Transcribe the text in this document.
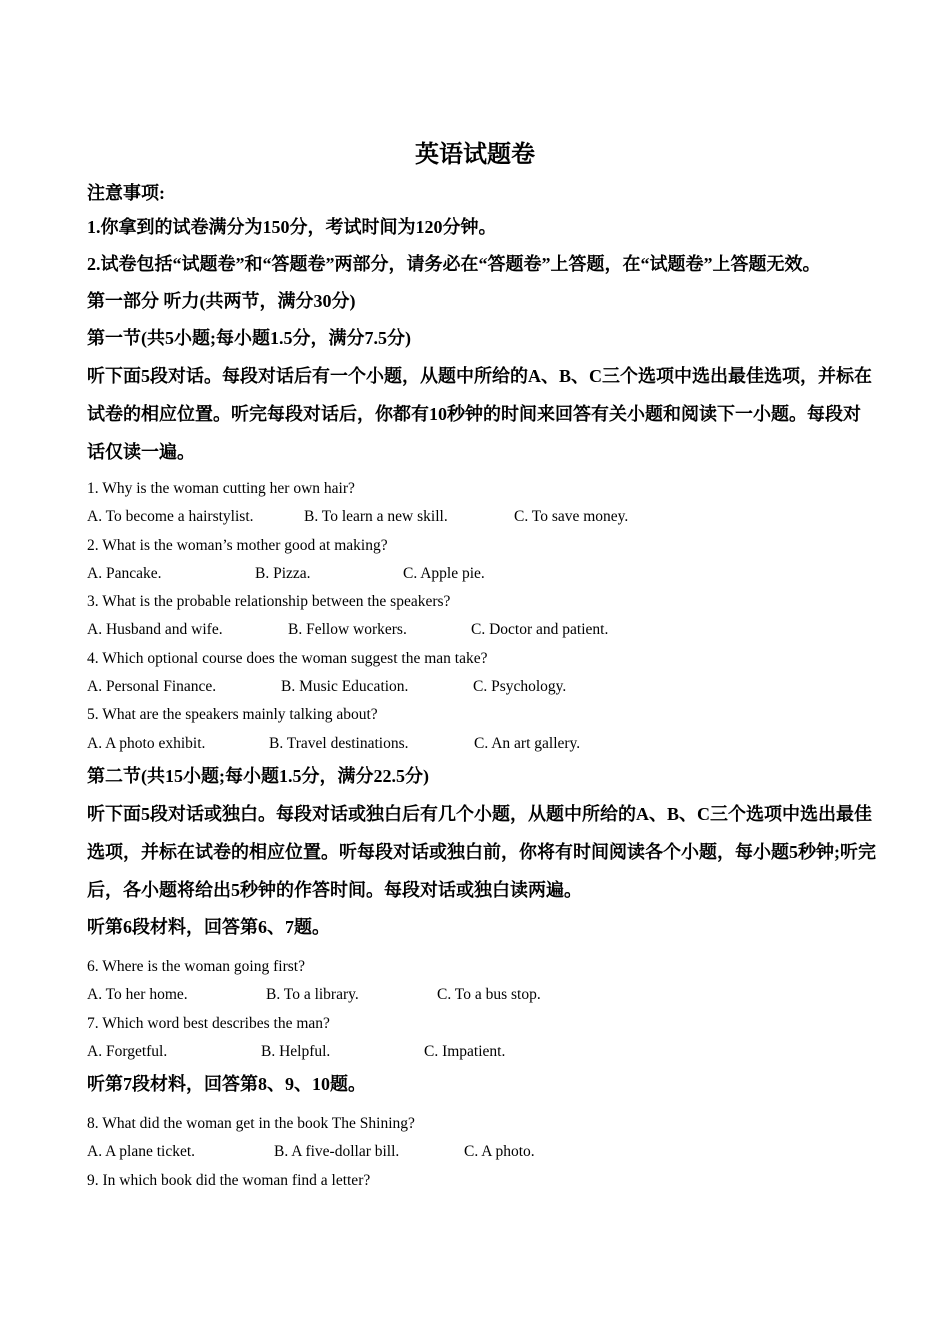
英语试题卷

注意事项:

1.你拿到的试卷满分为150分，考试时间为120分钟。

2.试卷包括“试题卷”和“答题卷”两部分，请务必在“答题卷”上答题，在“试题卷”上答题无效。

第一部分 听力(共两节，满分30分)

第一节(共5小题;每小题1.5分，满分7.5分)

听下面5段对话。每段对话后有一个小题，从题中所给的A、B、C三个选项中选出最佳选项，并标在试卷的相应位置。听完每段对话后，你都有10秒钟的时间来回答有关小题和阅读下一小题。每段对话仅读一遍。

1. Why is the woman cutting her own hair?

A. To become a hairstylist.	B. To learn a new skill.	C. To save money.

2. What is the woman’s mother good at making?

A. Pancake.	B. Pizza.	C. Apple pie.

3. What is the probable relationship between the speakers?

A. Husband and wife.	B. Fellow workers.	C. Doctor and patient.

4. Which optional course does the woman suggest the man take?

A. Personal Finance.	B. Music Education.	C. Psychology.

5. What are the speakers mainly talking about?

A. A photo exhibit.	B. Travel destinations.	C. An art gallery.

第二节(共15小题;每小题1.5分，满分22.5分)

听下面5段对话或独白。每段对话或独白后有几个小题，从题中所给的A、B、C三个选项中选出最佳选项，并标在试卷的相应位置。听每段对话或独白前，你将有时间阅读各个小题，每小题5秒钟;听完后，各小题将给出5秒钟的作答时间。每段对话或独白读两遍。

听第6段材料，回答第6、7题。

6. Where is the woman going first?

A. To her home.	B. To a library.	C. To a bus stop.

7. Which word best describes the man?

A. Forgetful.	B. Helpful.	C. Impatient.

听第7段材料，回答第8、9、10题。

8. What did the woman get in the book The Shining?

A. A plane ticket.	B. A five-dollar bill.	C. A photo.

9. In which book did the woman find a letter?
